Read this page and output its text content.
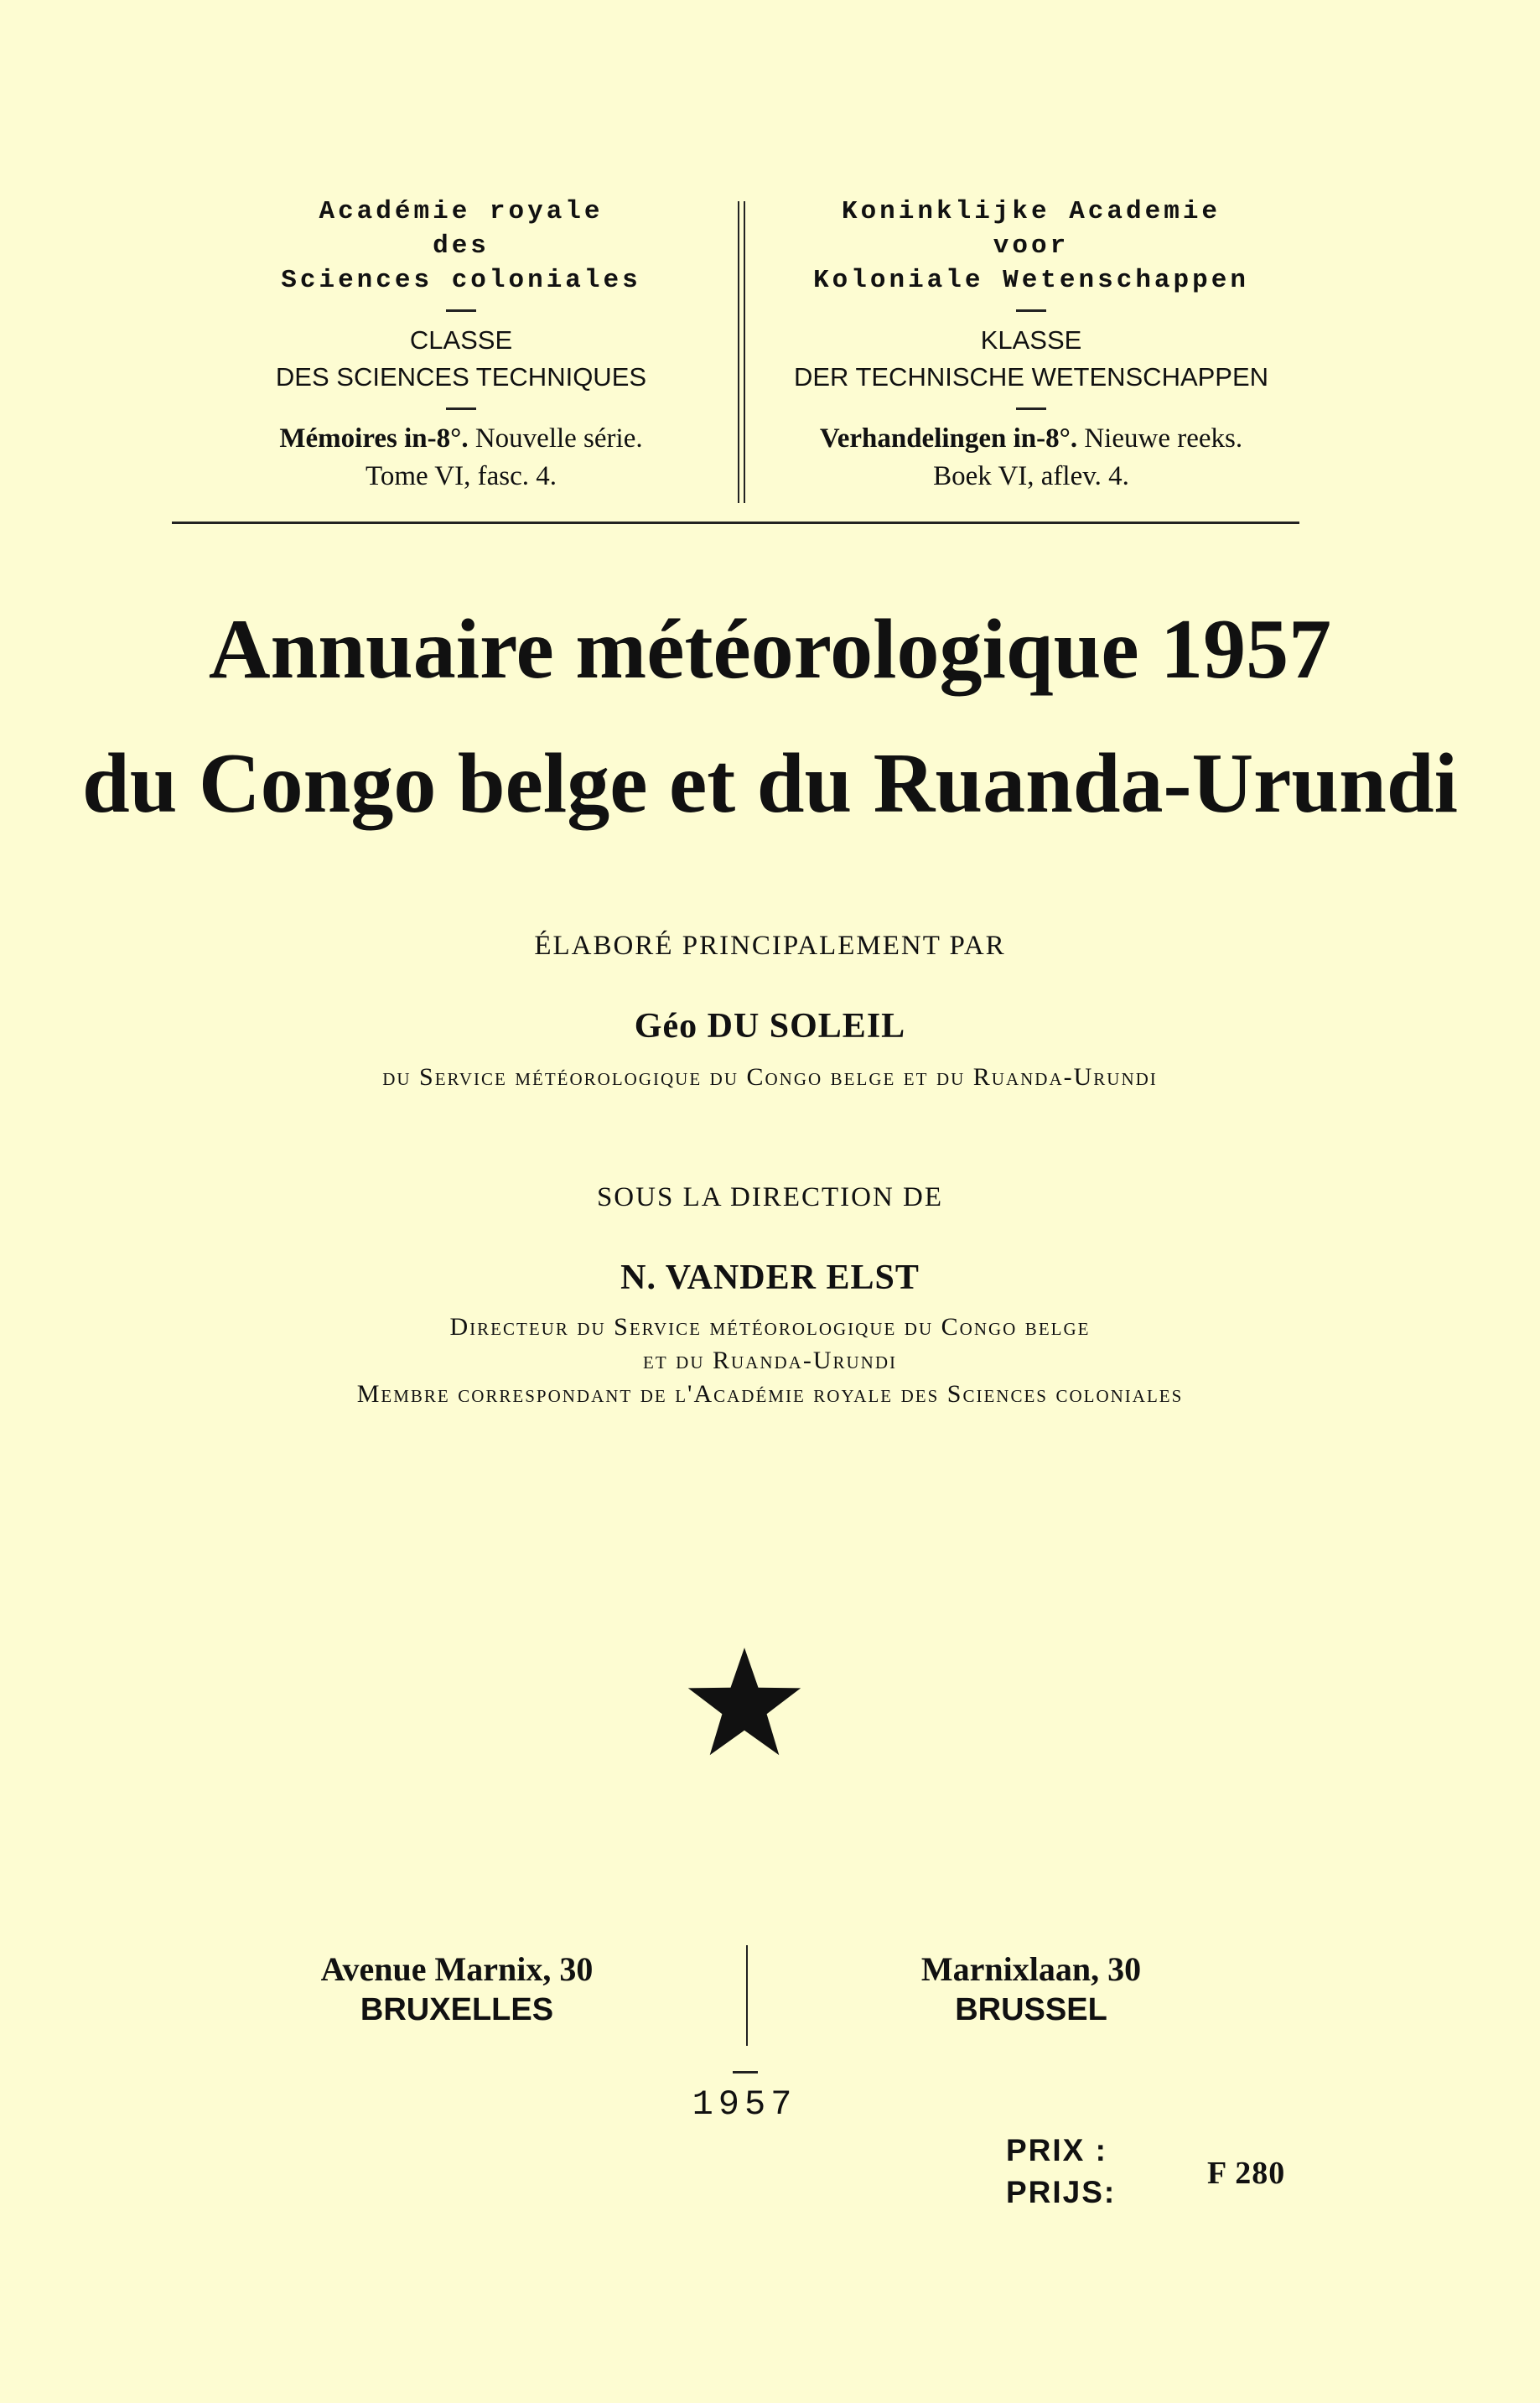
Académie royale

des

Sciences coloniales

CLASSE

DES SCIENCES TECHNIQUES

Mémoires in-8°. Nouvelle série.

Tome VI, fasc. 4.

Koninklijke Academie

voor

Koloniale Wetenschappen

KLASSE

DER TECHNISCHE WETENSCHAPPEN

Verhandelingen in-8°. Nieuwe reeks.

Boek VI, aflev. 4.

Annuaire météorologique 1957
du Congo belge et du Ruanda-Urundi

ÉLABORÉ PRINCIPALEMENT PAR

Géo DU SOLEIL

du Service météorologique du Congo belge et du Ruanda-Urundi

SOUS LA DIRECTION DE

N. VANDER ELST

Directeur du Service météorologique du Congo belge

et du Ruanda-Urundi

Membre correspondant de l'Académie royale des Sciences coloniales

Avenue Marnix, 30
BRUXELLES
Marnixlaan, 30
BRUSSEL
1957
PRIX :
PRIJS:
F 280
